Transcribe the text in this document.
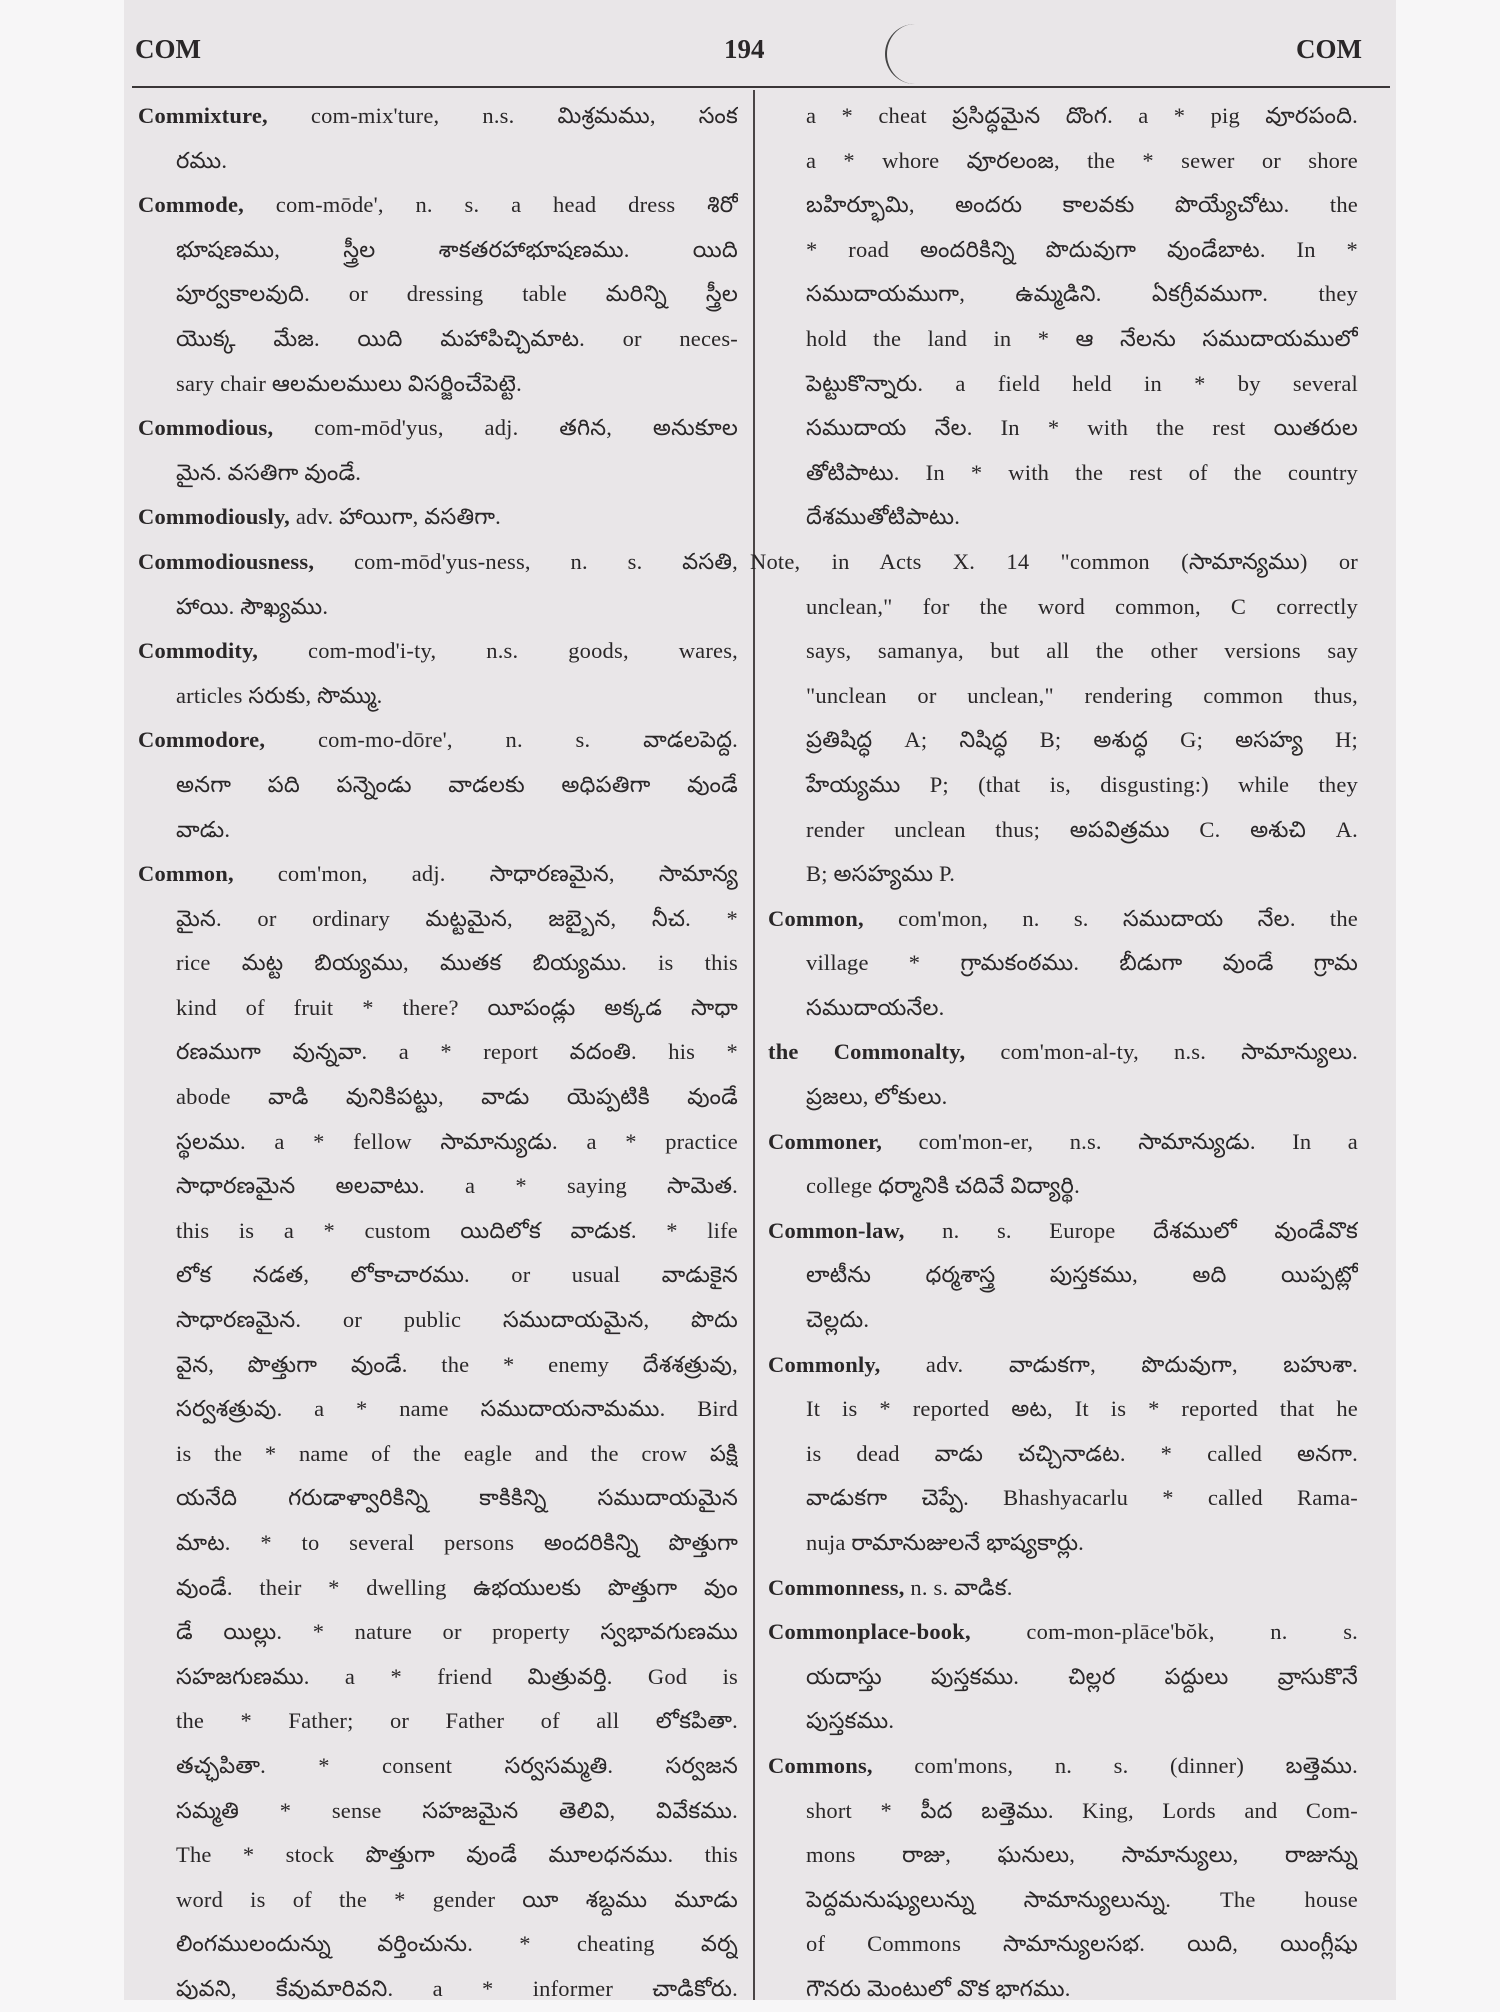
COM	194	COM
Commixture, com-mix'ture, n.s. మిశ్రమము, సంక
రము.
Commode, com-mōde', n. s. a head dress శిరో
భూషణము, స్త్రీల శాకతరహాభూషణము. యిది
పూర్వకాలవుది. or dressing table మరిన్ని స్త్రీల
యొక్క మేజ. యిది మహాపిచ్చిమాట. or neces-
sary chair ఆలమలములు విసర్జించేపెట్టె.
Commodious, com-mōd'yus, adj. తగిన, అనుకూల
మైన. వసతిగా వుండే.
Commodiously, adv. హాయిగా, వసతిగా.
Commodiousness, com-mōd'yus-ness, n. s. వసతి,
హాయి. సౌఖ్యము.
Commodity, com-mod'i-ty, n.s. goods, wares,
articles సరుకు, సొమ్ము.
Commodore, com-mo-dōre', n. s. వాడలపెద్ద.
అనగా పది పన్నెండు వాడలకు అధిపతిగా వుండే
వాడు.
Common, com'mon, adj. సాధారణమైన, సామాన్య
మైన. or ordinary మట్టమైన, జబ్బైన, నీచ. *
rice మట్ట బియ్యము, ముతక బియ్యము. is this
kind of fruit * there? యీపండ్లు అక్కడ సాధా
రణముగా వున్నవా. a * report వదంతి. his *
abode వాడి వునికిపట్టు, వాడు యెప్పటికి వుండే
స్థలము. a * fellow సామాన్యుడు. a * practice
సాధారణమైన అలవాటు. a * saying సామెత.
this is a * custom యిదిలోక వాడుక. * life
లోక నడత, లోకాచారము. or usual వాడుకైన
సాధారణమైన. or public సముదాయమైన, పొదు
వైన, పొత్తుగా వుండే. the * enemy దేశశత్రువు,
సర్వశత్రువు. a * name సముదాయనామము. Bird
is the * name of the eagle and the crow పక్షి
యనేది గరుడాళ్వారికిన్ని కాకికిన్ని సముదాయమైన
మాట. * to several persons అందరికిన్ని పొత్తుగా
వుండే. their * dwelling ఉభయులకు పొత్తుగా వుం
డే యిల్లు. * nature or property స్వభావగుణము
సహజగుణము. a * friend మిత్రువర్తి. God is
the * Father; or Father of all లోకపితా.
తచ్ఛపితా. * consent సర్వసమ్మతి. సర్వజన
సమ్మతి * sense సహజమైన తెలివి, వివేకము.
The * stock పొత్తుగా వుండే మూలధనము. this
word is of the * gender యీ శబ్దము మూడు
లింగములందున్ను వర్తించును. * cheating వర్న
పువని, కేవుమారివని. a * informer చాడికోరు.
a * cheat ప్రసిద్ధమైన దొంగ. a * pig వూరపంది.
a * whore వూరలంజ, the * sewer or shore
బహిర్భూమి, అందరు కాలవకు పొయ్యేచోటు. the
* road అందరికిన్ని పొదువుగా వుండేబాట. In *
సముదాయముగా, ఉమ్మడిని. ఏకగ్రీవముగా. they
hold the land in * ఆ నేలను సముదాయములో
పెట్టుకొన్నారు. a field held in * by several
సముదాయ నేల. In * with the rest యితరుల
తోటిపాటు. In * with the rest of the country
దేశముతోటిపాటు.
Note, in Acts X. 14 "common (సామాన్యము) or
unclean," for the word common, C correctly
says, samanya, but all the other versions say
"unclean or unclean," rendering common thus,
ప్రతిషిద్ధ A; నిషిద్ధ B; అశుద్ధ G; అసహ్య H;
హేయ్యము P; (that is, disgusting:) while they
render unclean thus; అపవిత్రము C. అశుచి A.
B; అసహ్యము P.
Common, com'mon, n. s. సముదాయ నేల. the
village * గ్రామకంఠము. బీడుగా వుండే గ్రామ
సముదాయనేల.
the Commonalty, com'mon-al-ty, n.s. సామాన్యులు.
ప్రజలు, లోకులు.
Commoner, com'mon-er, n.s. సామాన్యుడు. In a
college ధర్మానికి చదివే విద్యార్థి.
Common-law, n. s. Europe దేశములో వుండేవొక
లాటీను ధర్మశాస్త్ర పుస్తకము, అది యిప్పట్లో
చెల్లదు.
Commonly, adv. వాడుకగా, పొదువుగా, బహుశా.
It is * reported అట, It is * reported that he
is dead వాడు చచ్చినాడట. * called అనగా.
వాడుకగా చెప్పే. Bhashyacarlu * called Rama-
nuja రామానుజులనే భాష్యకార్లు.
Commonness, n. s. వాడిక.
Commonplace-book, com-mon-plāce'bŏk, n. s.
యదాస్తు పుస్తకము. చిల్లర పద్దులు వ్రాసుకొనే
పుస్తకము.
Commons, com'mons, n. s. (dinner) బత్తెము.
short * పీద బత్తెము. King, Lords and Com-
mons రాజు, ఘనులు, సామాన్యులు, రాజున్ను
పెద్దమనుష్యులున్ను సామాన్యులున్ను. The house
of Commons సామాన్యులసభ. యిది, యింగ్లీషు
గౌనరు మెంటులో వొక భాగము.
